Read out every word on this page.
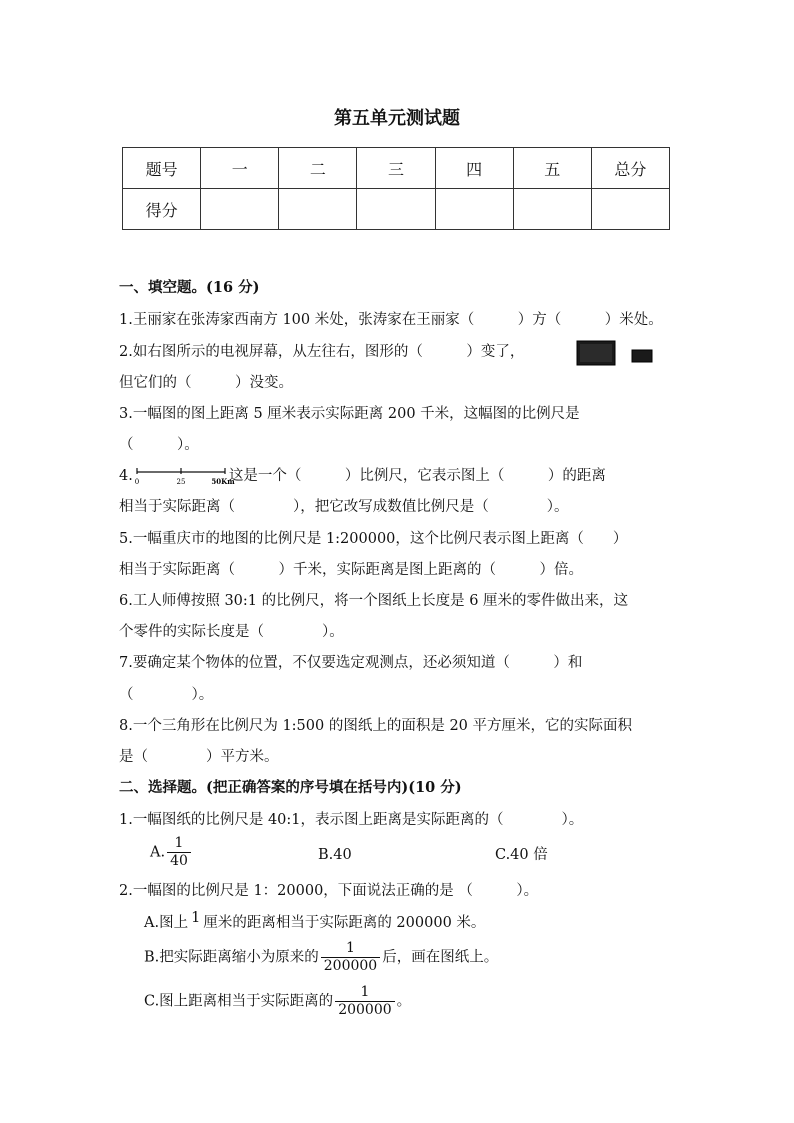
第五单元测试题
题号	一	二	三	四	五	总分
得分						
一、填空题。(16 分)
1.王丽家在张涛家西南方 100 米处，张涛家在王丽家（　　　）方（　　　）米处。
2.如右图所示的电视屏幕，从左往右，图形的（　　　）变了，
但它们的（　　　）没变。
3.一幅图的图上距离 5 厘米表示实际距离 200 千米，这幅图的比例尺是
（　　　）。
4. 0	25	50Km
这是一个（　　　）比例尺，它表示图上（　　　）的距离
相当于实际距离（　　　　），把它改写成数值比例尺是（　　　　）。
5.一幅重庆市的地图的比例尺是 1:200000，这个比例尺表示图上距离（　　）
相当于实际距离（　　　）千米，实际距离是图上距离的（　　　）倍。
6.工人师傅按照 30:1 的比例尺，将一个图纸上长度是 6 厘米的零件做出来，这
个零件的实际长度是（　　　　）。
7.要确定某个物体的位置，不仅要选定观测点，还必须知道（　　　）和
（　　　　）。
8.一个三角形在比例尺为 1:500 的图纸上的面积是 20 平方厘米，它的实际面积
是（　　　　）平方米。
二、选择题。(把正确答案的序号填在括号内)(10 分)
1.一幅图纸的比例尺是 40:1，表示图上距离是实际距离的（　　　　）。
A. $\frac{1}{40}$	B.40	C.40 倍
2.一幅图的比例尺是 1：20000，下面说法正确的是 （　　　）。
A.图上 1 厘米的距离相当于实际距离的 200000 米。
B.把实际距离缩小为原来的 $\frac{1}{200000}$ 后，画在图纸上。
C.图上距离相当于实际距离的 $\frac{1}{200000}$ 。
